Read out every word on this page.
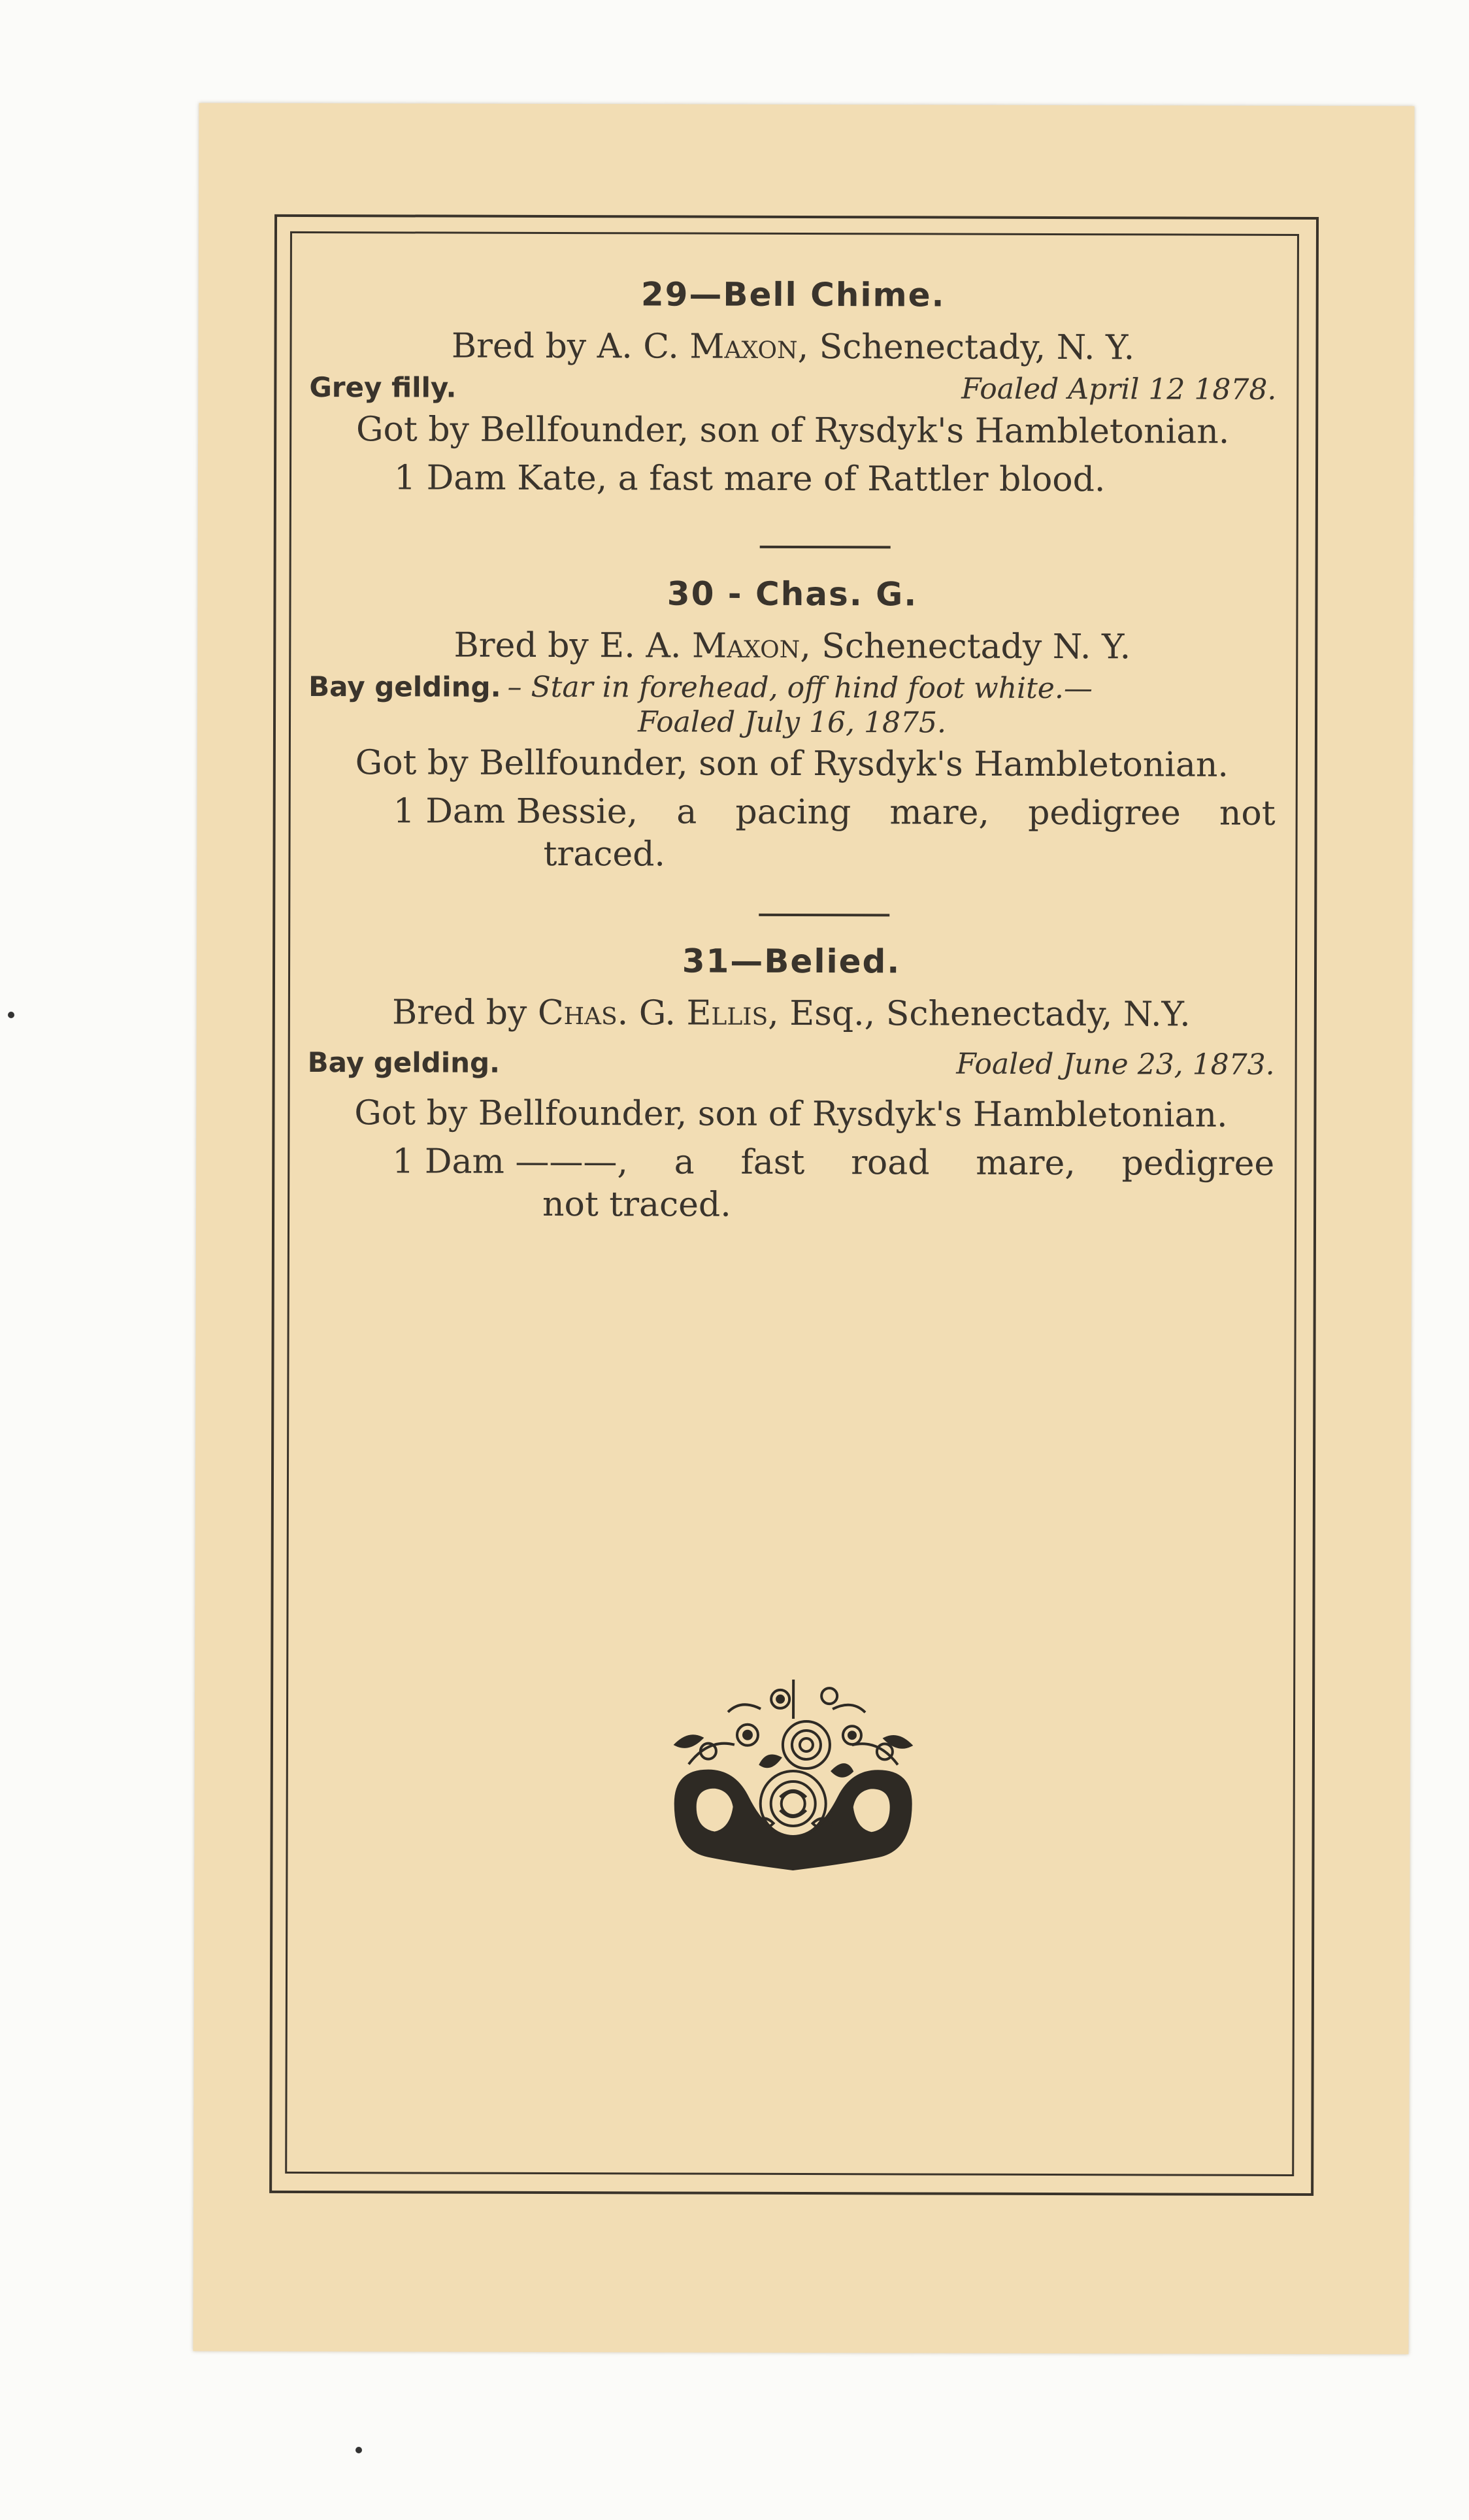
29—Bell Chime.
Bred by A. C. Maxon, Schenectady, N. Y.
Grey filly.	Foaled April 12 1878.
Got by Bellfounder, son of Rysdyk's Hambletonian.
1 Dam Kate, a fast mare of Rattler blood.
30 - Chas. G.
Bred by E. A. Maxon, Schenectady N. Y.
Bay gelding. – Star in forehead, off hind foot white.—
Foaled July 16, 1875.
Got by Bellfounder, son of Rysdyk's Hambletonian.
1 Dam Bessie, a pacing mare, pedigree not
traced.
31—Belied.
Bred by Chas. G. Ellis, Esq., Schenectady, N.Y.
Bay gelding.	Foaled June 23, 1873.
Got by Bellfounder, son of Rysdyk's Hambletonian.
1 Dam ———, a fast road mare, pedigree
not traced.
